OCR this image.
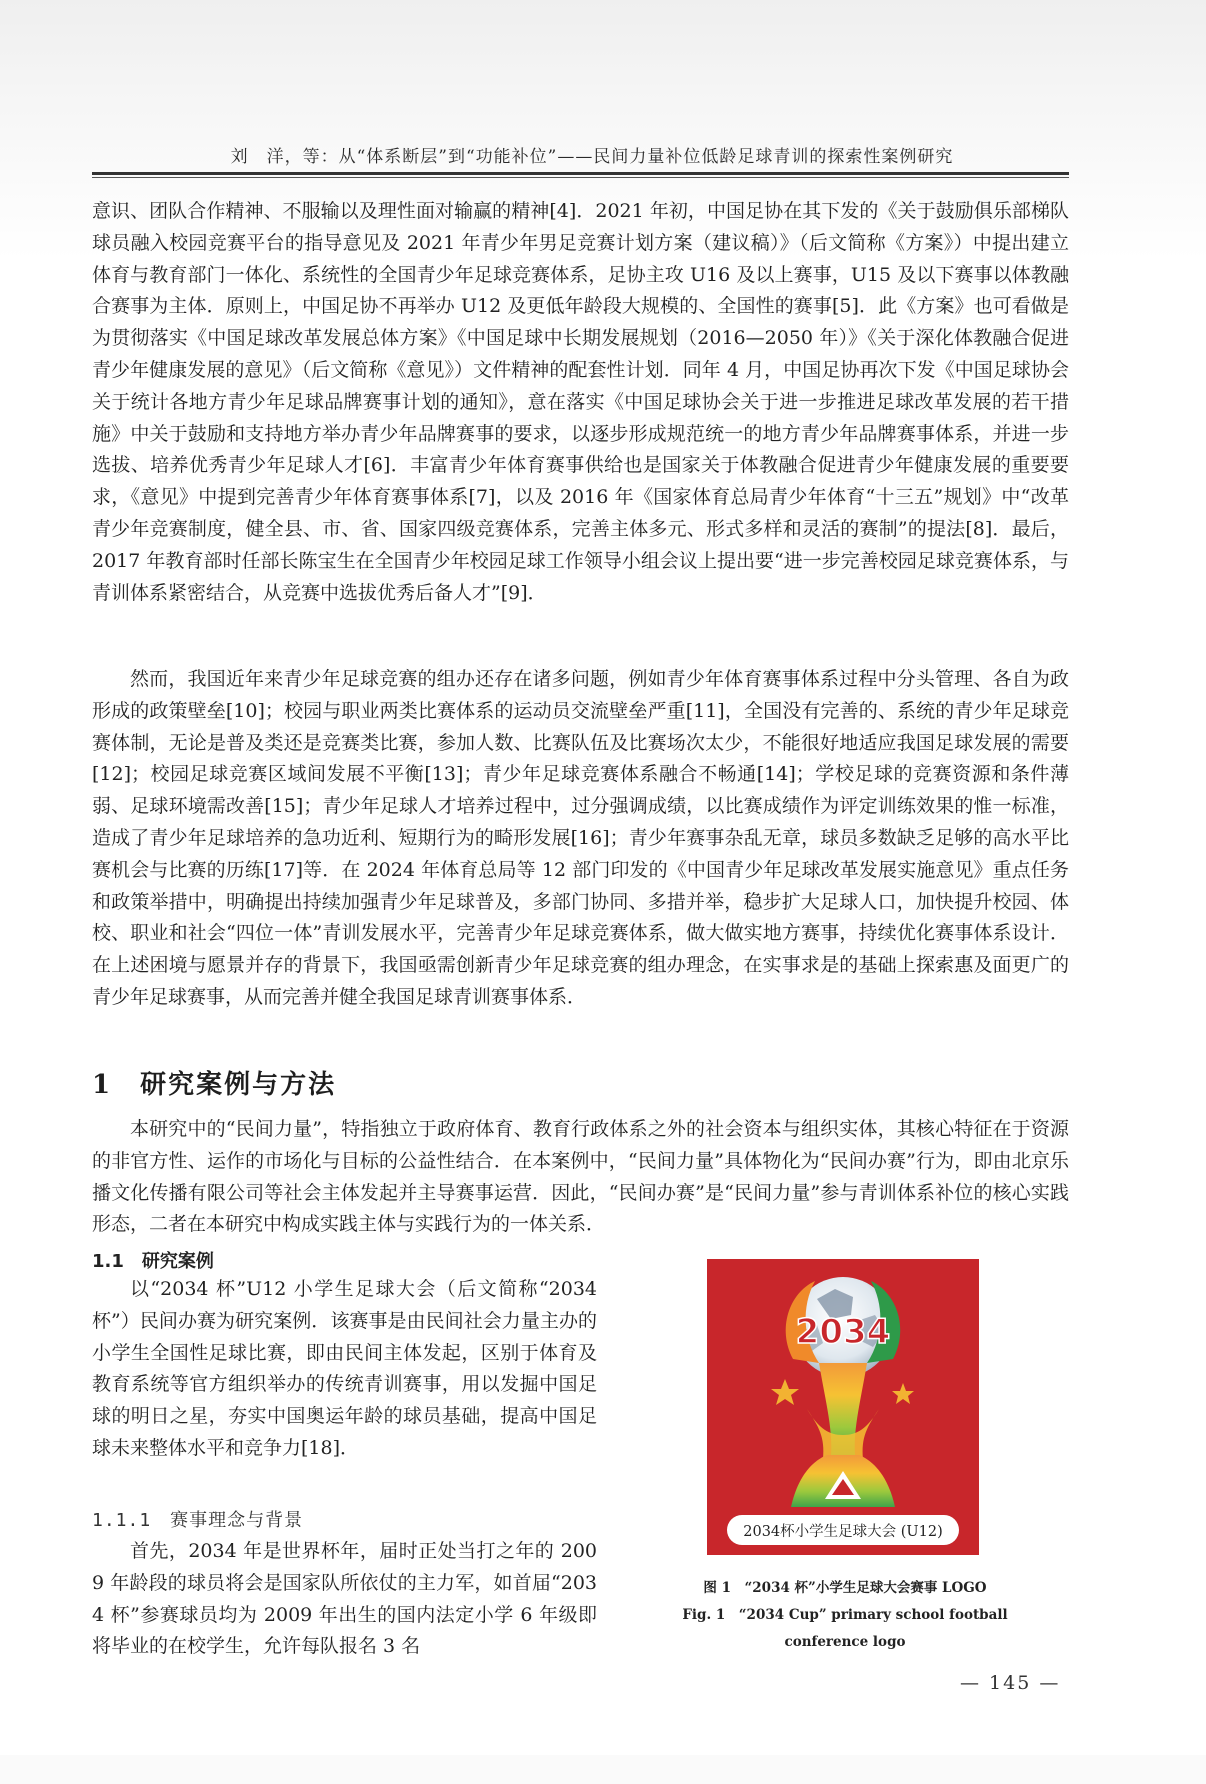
刘　洋，等：从“体系断层”到“功能补位”——民间力量补位低龄足球青训的探索性案例研究

意识、团队合作精神、不服输以及理性面对输赢的精神[4]．2021 年初，中国足协在其下发的《关于鼓励俱乐部梯队球员融入校园竞赛平台的指导意见及 2021 年青少年男足竞赛计划方案（建议稿）》（后文简称《方案》）中提出建立体育与教育部门一体化、系统性的全国青少年足球竞赛体系，足协主攻 U16 及以上赛事，U15 及以下赛事以体教融合赛事为主体．原则上，中国足协不再举办 U12 及更低年龄段大规模的、全国性的赛事[5]．此《方案》也可看做是为贯彻落实《中国足球改革发展总体方案》《中国足球中长期发展规划（2016—2050 年）》《关于深化体教融合促进青少年健康发展的意见》（后文简称《意见》）文件精神的配套性计划．同年 4 月，中国足协再次下发《中国足球协会关于统计各地方青少年足球品牌赛事计划的通知》，意在落实《中国足球协会关于进一步推进足球改革发展的若干措施》中关于鼓励和支持地方举办青少年品牌赛事的要求，以逐步形成规范统一的地方青少年品牌赛事体系，并进一步选拔、培养优秀青少年足球人才[6]．丰富青少年体育赛事供给也是国家关于体教融合促进青少年健康发展的重要要求，《意见》中提到完善青少年体育赛事体系[7]，以及 2016 年《国家体育总局青少年体育“十三五”规划》中“改革青少年竞赛制度，健全县、市、省、国家四级竞赛体系，完善主体多元、形式多样和灵活的赛制”的提法[8]．最后，2017 年教育部时任部长陈宝生在全国青少年校园足球工作领导小组会议上提出要“进一步完善校园足球竞赛体系，与青训体系紧密结合，从竞赛中选拔优秀后备人才”[9]．

然而，我国近年来青少年足球竞赛的组办还存在诸多问题，例如青少年体育赛事体系过程中分头管理、各自为政形成的政策壁垒[10]；校园与职业两类比赛体系的运动员交流壁垒严重[11]，全国没有完善的、系统的青少年足球竞赛体制，无论是普及类还是竞赛类比赛，参加人数、比赛队伍及比赛场次太少，不能很好地适应我国足球发展的需要[12]；校园足球竞赛区域间发展不平衡[13]；青少年足球竞赛体系融合不畅通[14]；学校足球的竞赛资源和条件薄弱、足球环境需改善[15]；青少年足球人才培养过程中，过分强调成绩，以比赛成绩作为评定训练效果的惟一标准，造成了青少年足球培养的急功近利、短期行为的畸形发展[16]；青少年赛事杂乱无章，球员多数缺乏足够的高水平比赛机会与比赛的历练[17]等．在 2024 年体育总局等 12 部门印发的《中国青少年足球改革发展实施意见》重点任务和政策举措中，明确提出持续加强青少年足球普及，多部门协同、多措并举，稳步扩大足球人口，加快提升校园、体校、职业和社会“四位一体”青训发展水平，完善青少年足球竞赛体系，做大做实地方赛事，持续优化赛事体系设计．在上述困境与愿景并存的背景下，我国亟需创新青少年足球竞赛的组办理念，在实事求是的基础上探索惠及面更广的青少年足球赛事，从而完善并健全我国足球青训赛事体系．

1　研究案例与方法

本研究中的“民间力量”，特指独立于政府体育、教育行政体系之外的社会资本与组织实体，其核心特征在于资源的非官方性、运作的市场化与目标的公益性结合．在本案例中，“民间力量”具体物化为“民间办赛”行为，即由北京乐播文化传播有限公司等社会主体发起并主导赛事运营．因此，“民间办赛”是“民间力量”参与青训体系补位的核心实践形态，二者在本研究中构成实践主体与实践行为的一体关系．

1.1　研究案例

以“2034 杯”U12 小学生足球大会（后文简称“2034 杯”）民间办赛为研究案例．该赛事是由民间社会力量主办的小学生全国性足球比赛，即由民间主体发起，区别于体育及教育系统等官方组织举办的传统青训赛事，用以发掘中国足球的明日之星，夯实中国奥运年龄的球员基础，提高中国足球未来整体水平和竞争力[18]．

1.1.1　赛事理念与背景

首先，2034 年是世界杯年，届时正处当打之年的 2009 年龄段的球员将会是国家队所依仗的主力军，如首届“2034 杯”参赛球员均为 2009 年出生的国内法定小学 6 年级即将毕业的在校学生，允许每队报名 3 名

2034
2034杯小学生足球大会 (U12)
图 1　“2034 杯”小学生足球大会赛事 LOGO
Fig. 1　“2034 Cup” primary school football
conference logo
— 145 —
